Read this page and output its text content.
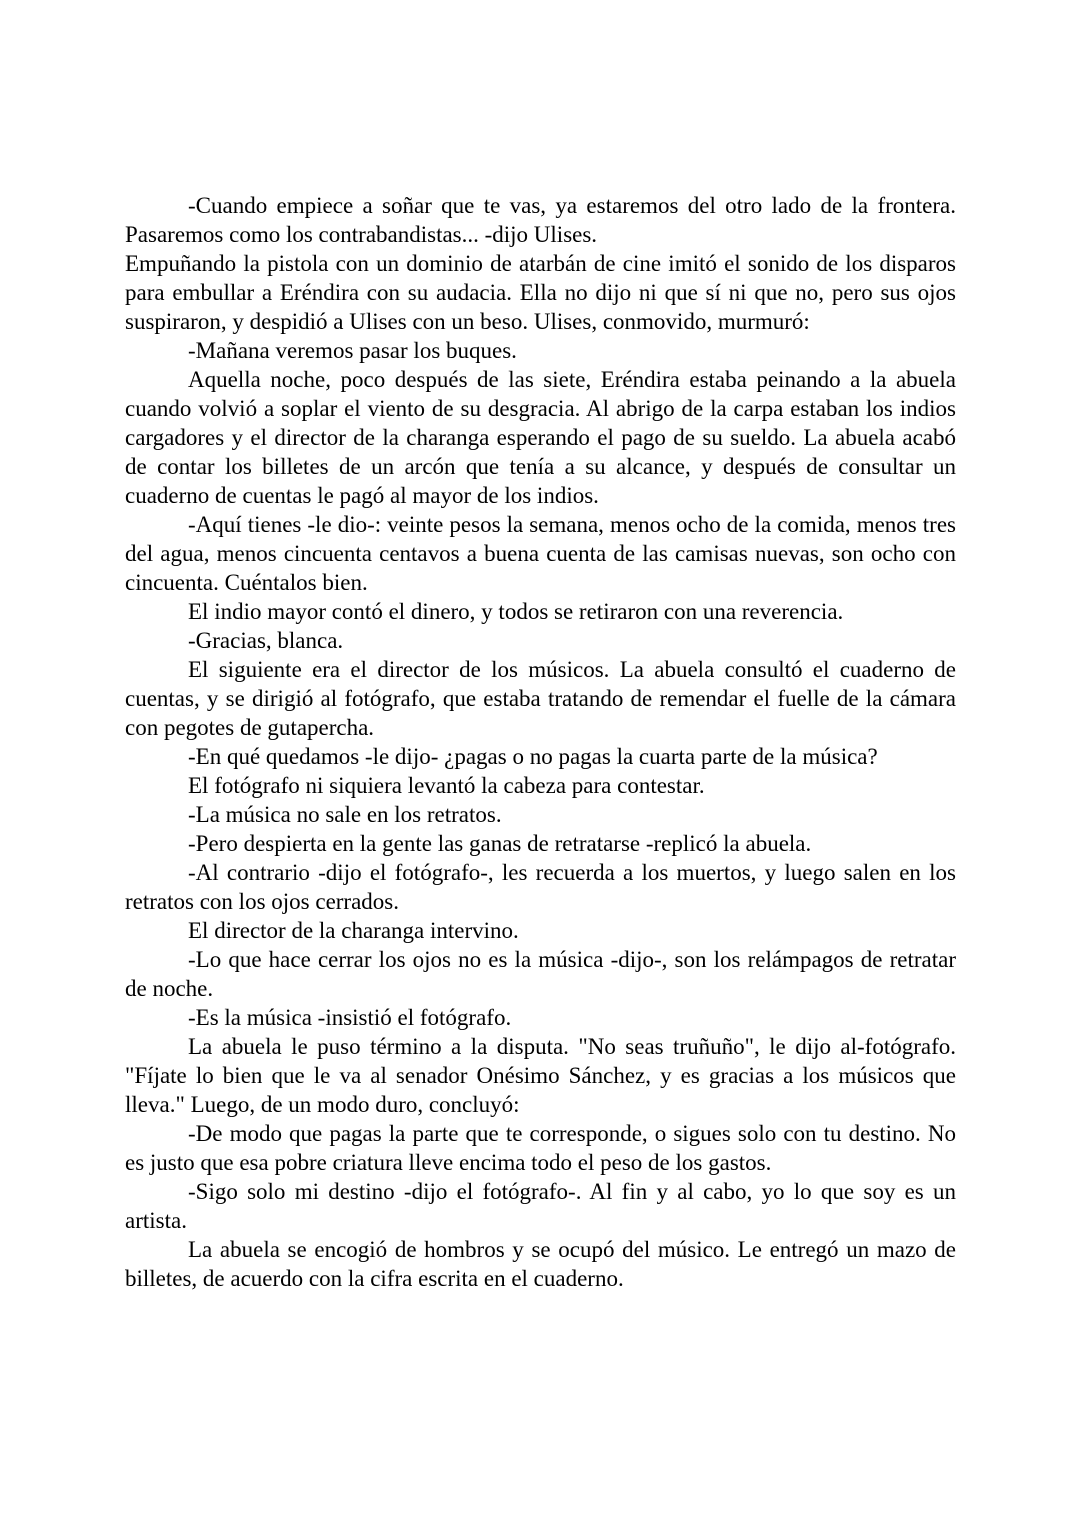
-Cuando empiece a soñar que te vas, ya estaremos del otro lado de la frontera. Pasaremos como los contrabandistas... -dijo Ulises.

Empuñando la pistola con un dominio de atarbán de cine imitó el sonido de los disparos para embullar a Eréndira con su audacia. Ella no dijo ni que sí ni que no, pero sus ojos suspiraron, y despidió a Ulises con un beso. Ulises, conmovido, murmuró:

-Mañana veremos pasar los buques.

Aquella noche, poco después de las siete, Eréndira estaba peinando a la abuela cuando volvió a soplar el viento de su desgracia. Al abrigo de la carpa estaban los indios cargadores y el director de la charanga esperando el pago de su sueldo. La abuela acabó de contar los billetes de un arcón que tenía a su alcance, y después de consultar un cuaderno de cuentas le pagó al mayor de los indios.

-Aquí tienes -le dio-: veinte pesos la semana, menos ocho de la comida, menos tres del agua, menos cincuenta centavos a buena cuenta de las camisas nuevas, son ocho con cincuenta. Cuéntalos bien.

El indio mayor contó el dinero, y todos se retiraron con una reverencia.

-Gracias, blanca.

El siguiente era el director de los músicos. La abuela consultó el cuaderno de cuentas, y se dirigió al fotógrafo, que estaba tratando de remendar el fuelle de la cámara con pegotes de gutapercha.

-En qué quedamos -le dijo- ¿pagas o no pagas la cuarta parte de la música?

El fotógrafo ni siquiera levantó la cabeza para contestar.

-La música no sale en los retratos.

-Pero despierta en la gente las ganas de retratarse -replicó la abuela.

-Al contrario -dijo el fotógrafo-, les recuerda a los muertos, y luego salen en los retratos con los ojos cerrados.

El director de la charanga intervino.

-Lo que hace cerrar los ojos no es la música -dijo-, son los relámpagos de retratar de noche.

-Es la música -insistió el fotógrafo.

La abuela le puso término a la disputa. "No seas truñuño", le dijo al-fotógrafo. "Fíjate lo bien que le va al senador Onésimo Sánchez, y es gracias a los músicos que lleva." Luego, de un modo duro, concluyó:

-De modo que pagas la parte que te corresponde, o sigues solo con tu destino. No es justo que esa pobre criatura lleve encima todo el peso de los gastos.

-Sigo solo mi destino -dijo el fotógrafo-. Al fin y al cabo, yo lo que soy es un artista.

La abuela se encogió de hombros y se ocupó del músico. Le entregó un mazo de billetes, de acuerdo con la cifra escrita en el cuaderno.
